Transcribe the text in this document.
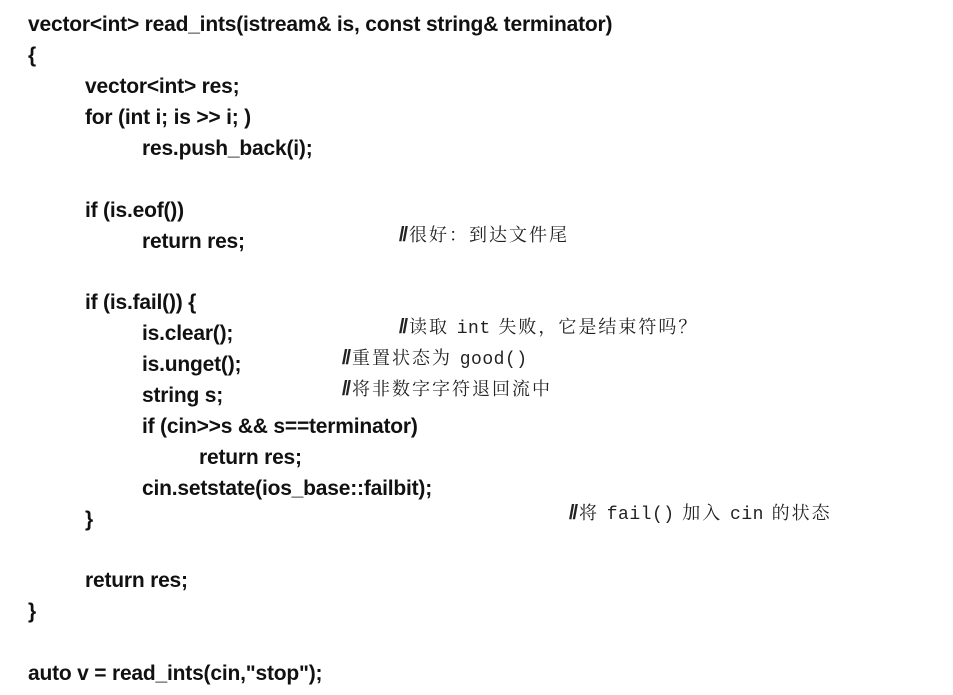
vector<int> read_ints(istream& is, const string& terminator)
{
vector<int> res;
for (int i; is >> i; )
res.push_back(i);
if (is.eof())

// 很好：到达文件尾

return res;
if (is.fail()) {

// 读取 int 失败，它是结束符吗？

is.clear();

// 重置状态为 good()

is.unget();

// 将非数字字符退回流中

string s;
if (cin>>s && s==terminator)
return res;
cin.setstate(ios_base::failbit);

// 将 fail() 加入 cin 的状态

}
return res;
}
auto v = read_ints(cin,"stop");
